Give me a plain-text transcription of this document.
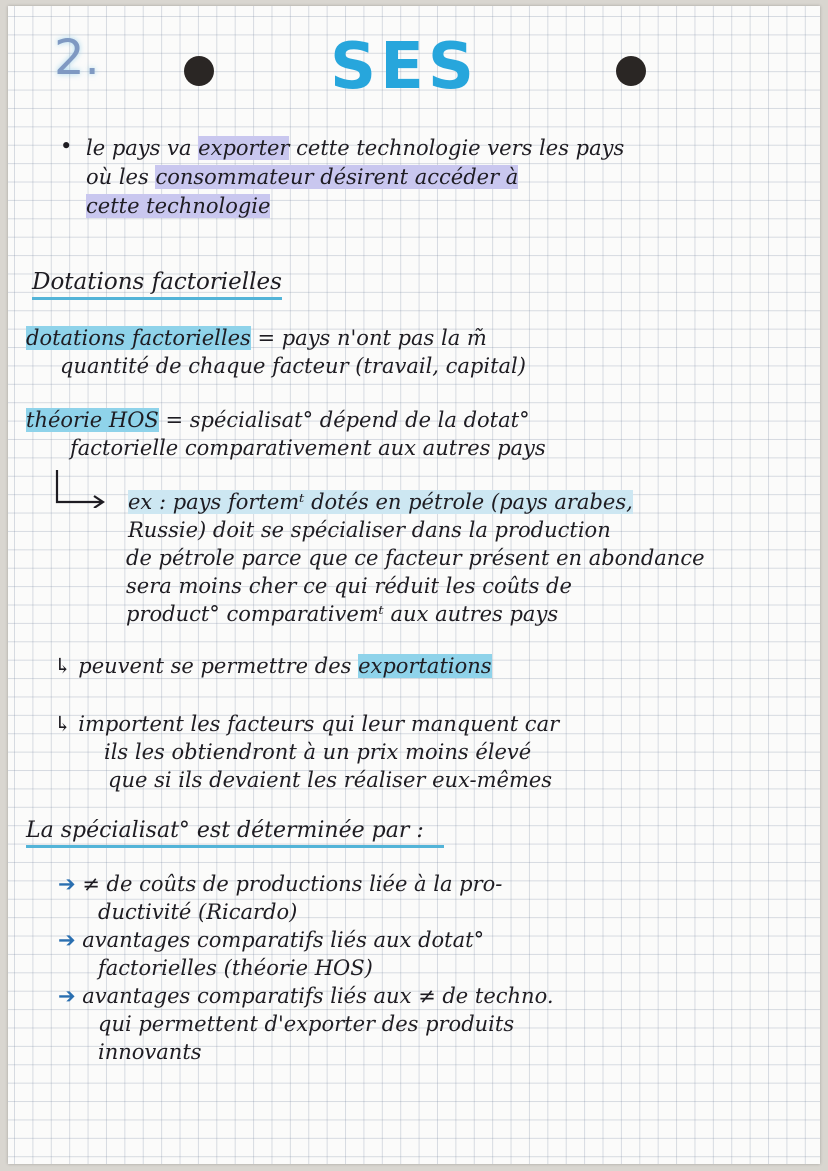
2.	SES
• le pays va exporter cette technologie vers les pays
où les consommateur désirent accéder à
cette technologie
Dotations factorielles
dotations factorielles = pays n'ont pas la m̃
quantité de chaque facteur (travail, capital)
théorie HOS = spécialisat° dépend de la dotat°
factorielle comparativement aux autres pays
ex : pays fortemᵗ dotés en pétrole (pays arabes,
Russie) doit se spécialiser dans la production
de pétrole parce que ce facteur présent en abondance
sera moins cher ce qui réduit les coûts de
product° comparativemᵗ aux autres pays
↳ peuvent se permettre des exportations
↳ importent les facteurs qui leur manquent car
ils les obtiendront à un prix moins élevé
que si ils devaient les réaliser eux-mêmes
La spécialisat° est déterminée par :
➔ ≠ de coûts de productions liée à la pro-
ductivité (Ricardo)
➔ avantages comparatifs liés aux dotat°
factorielles (théorie HOS)
➔ avantages comparatifs liés aux ≠ de techno.
qui permettent d'exporter des produits
innovants
